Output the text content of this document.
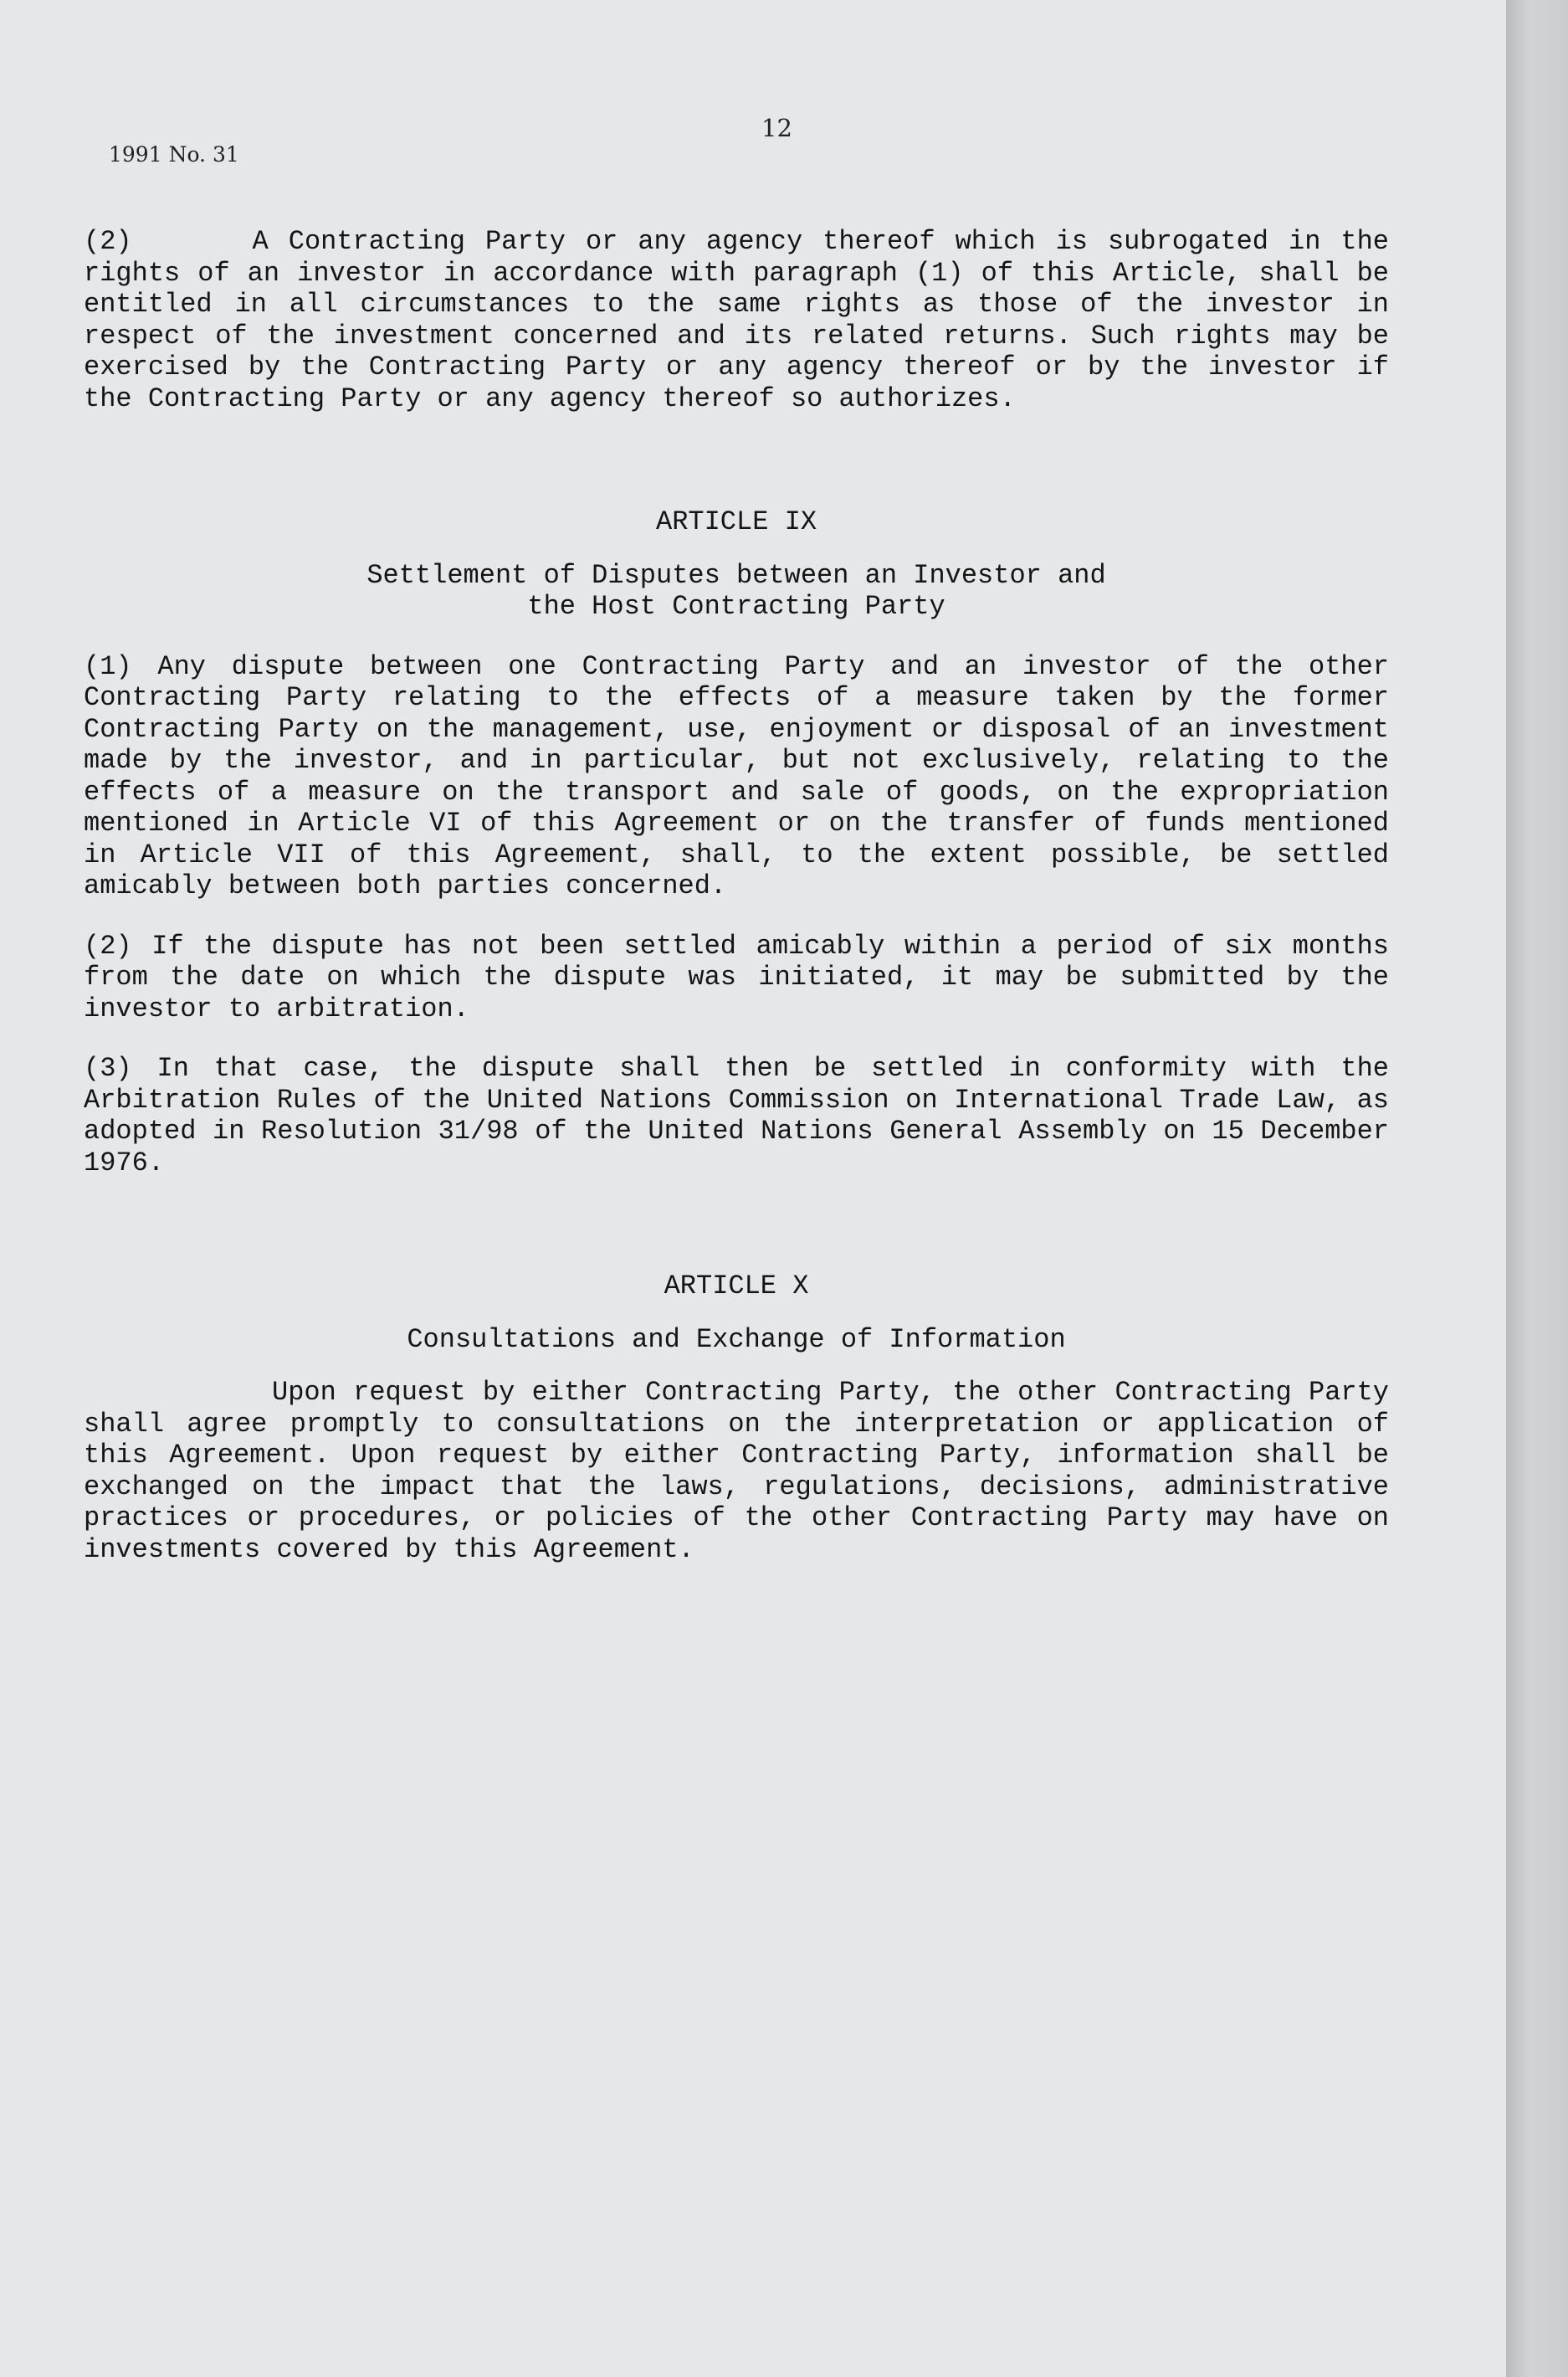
1991 No. 31
12

(2)      A Contracting Party or any agency thereof which is subrogated in the rights of an investor in accordance with paragraph (1) of this Article, shall be entitled in all circumstances to the same rights as those of the investor in respect of the investment concerned and its related returns. Such rights may be exercised by the Contracting Party or any agency thereof or by the investor if the Contracting Party or any agency thereof so authorizes.

ARTICLE IX

Settlement of Disputes between an Investor and the Host Contracting Party

(1) Any dispute between one Contracting Party and an investor of the other Contracting Party relating to the effects of a measure taken by the former Contracting Party on the management, use, enjoyment or disposal of an investment made by the investor, and in particular, but not exclusively, relating to the effects of a measure on the transport and sale of goods, on the expropriation mentioned in Article VI of this Agreement or on the transfer of funds mentioned in Article VII of this Agreement, shall, to the extent possible, be settled amicably between both parties concerned.

(2) If the dispute has not been settled amicably within a period of six months from the date on which the dispute was initiated, it may be submitted by the investor to arbitration.

(3) In that case, the dispute shall then be settled in conformity with the Arbitration Rules of the United Nations Commission on International Trade Law, as adopted in Resolution 31/98 of the United Nations General Assembly on 15 December 1976.

ARTICLE X

Consultations and Exchange of Information

Upon request by either Contracting Party, the other Contracting Party shall agree promptly to consultations on the interpretation or application of this Agreement. Upon request by either Contracting Party, information shall be exchanged on the impact that the laws, regulations, decisions, administrative practices or procedures, or policies of the other Contracting Party may have on investments covered by this Agreement.
